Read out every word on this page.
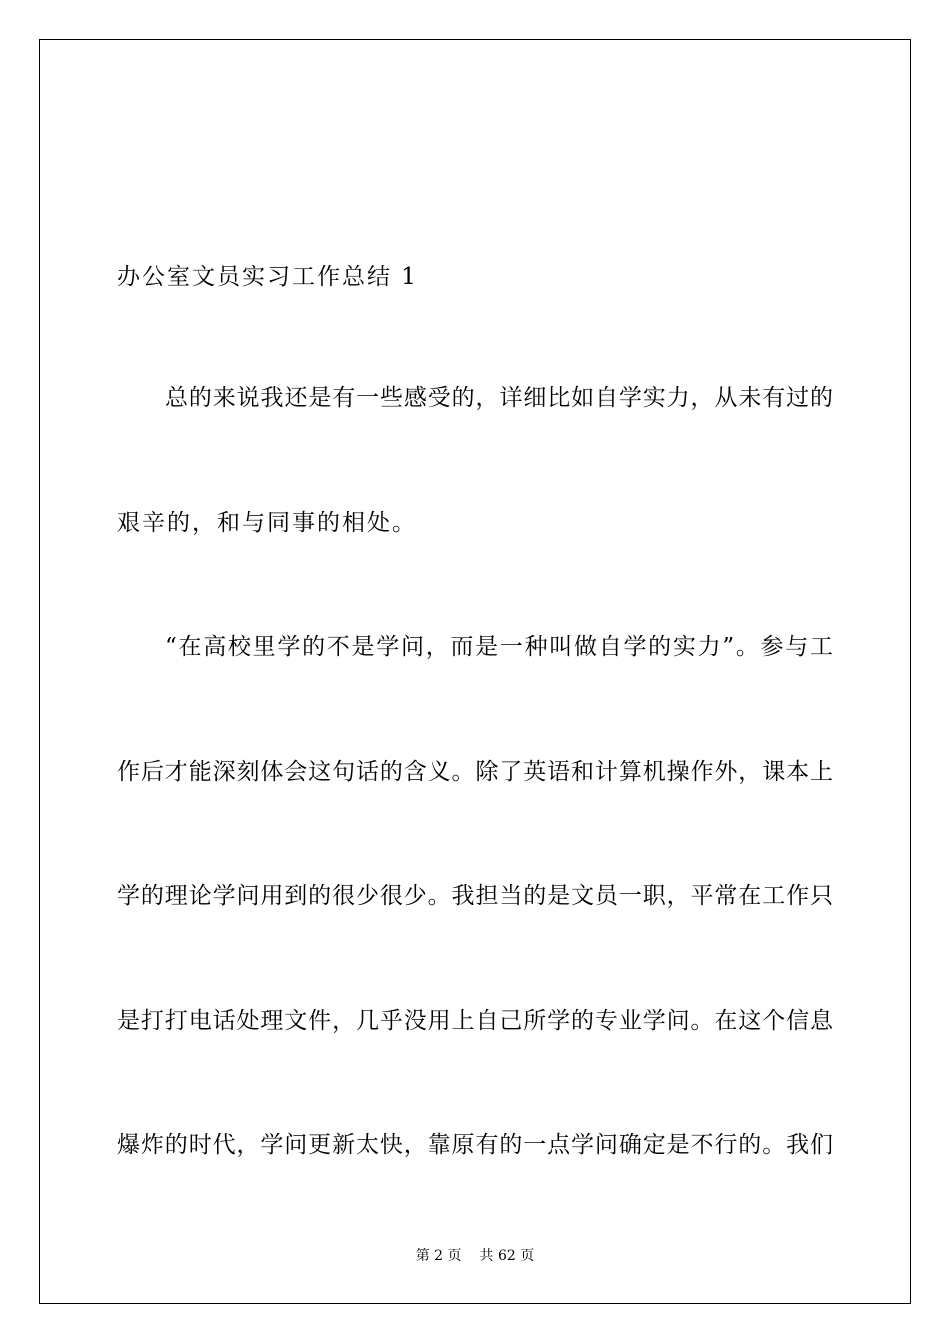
办公室文员实习工作总结 1
总的来说我还是有一些感受的，详细比如自学实力，从未有过的
艰辛的，和与同事的相处。
“在高校里学的不是学问，而是一种叫做自学的实力”。参与工
作后才能深刻体会这句话的含义。除了英语和计算机操作外，课本上
学的理论学问用到的很少很少。我担当的是文员一职，平常在工作只
是打打电话处理文件，几乎没用上自己所学的专业学问。在这个信息
爆炸的时代，学问更新太快，靠原有的一点学问确定是不行的。我们
第 2 页 共 62 页
